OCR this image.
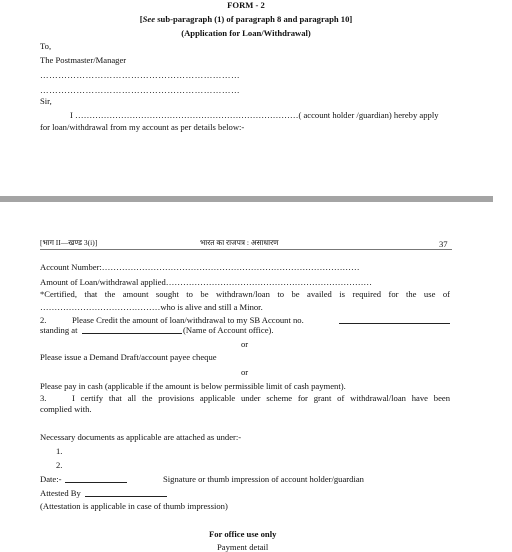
FORM - 2
[See sub-paragraph (1) of paragraph 8 and paragraph 10]
(Application for Loan/Withdrawal)
To,
The Postmaster/Manager
…………………………………………………………
…………………………………………………………
Sir,
I ……………………………………………………………………( account holder /guardian) hereby apply
for loan/withdrawal from my account as per details below:-
[भाग II—खण्ड 3(i)]	भारत का राजपत्र : असाधारण	37
Account Number:………………………………………………………………………………
Amount of Loan/withdrawal applied………………………………………………………………
*Certified, that the amount sought to be withdrawn/loan to be availed is required for the use of
……………………………………who is alive and still a Minor.
2.	Please Credit the amount of loan/withdrawal to my SB Account no.
standing at	(Name of Account office).
or
Please issue a Demand Draft/account payee cheque
or
Please pay in cash (applicable if the amount is below permissible limit of cash payment).
3.	I certify that all the provisions applicable under scheme for grant of withdrawal/loan have been
complied with.
Necessary documents as applicable are attached as under:-
1.
2.
Date:-	Signature or thumb impression of account holder/guardian
Attested By
(Attestation is applicable in case of thumb impression)
For office use only
Payment detail
